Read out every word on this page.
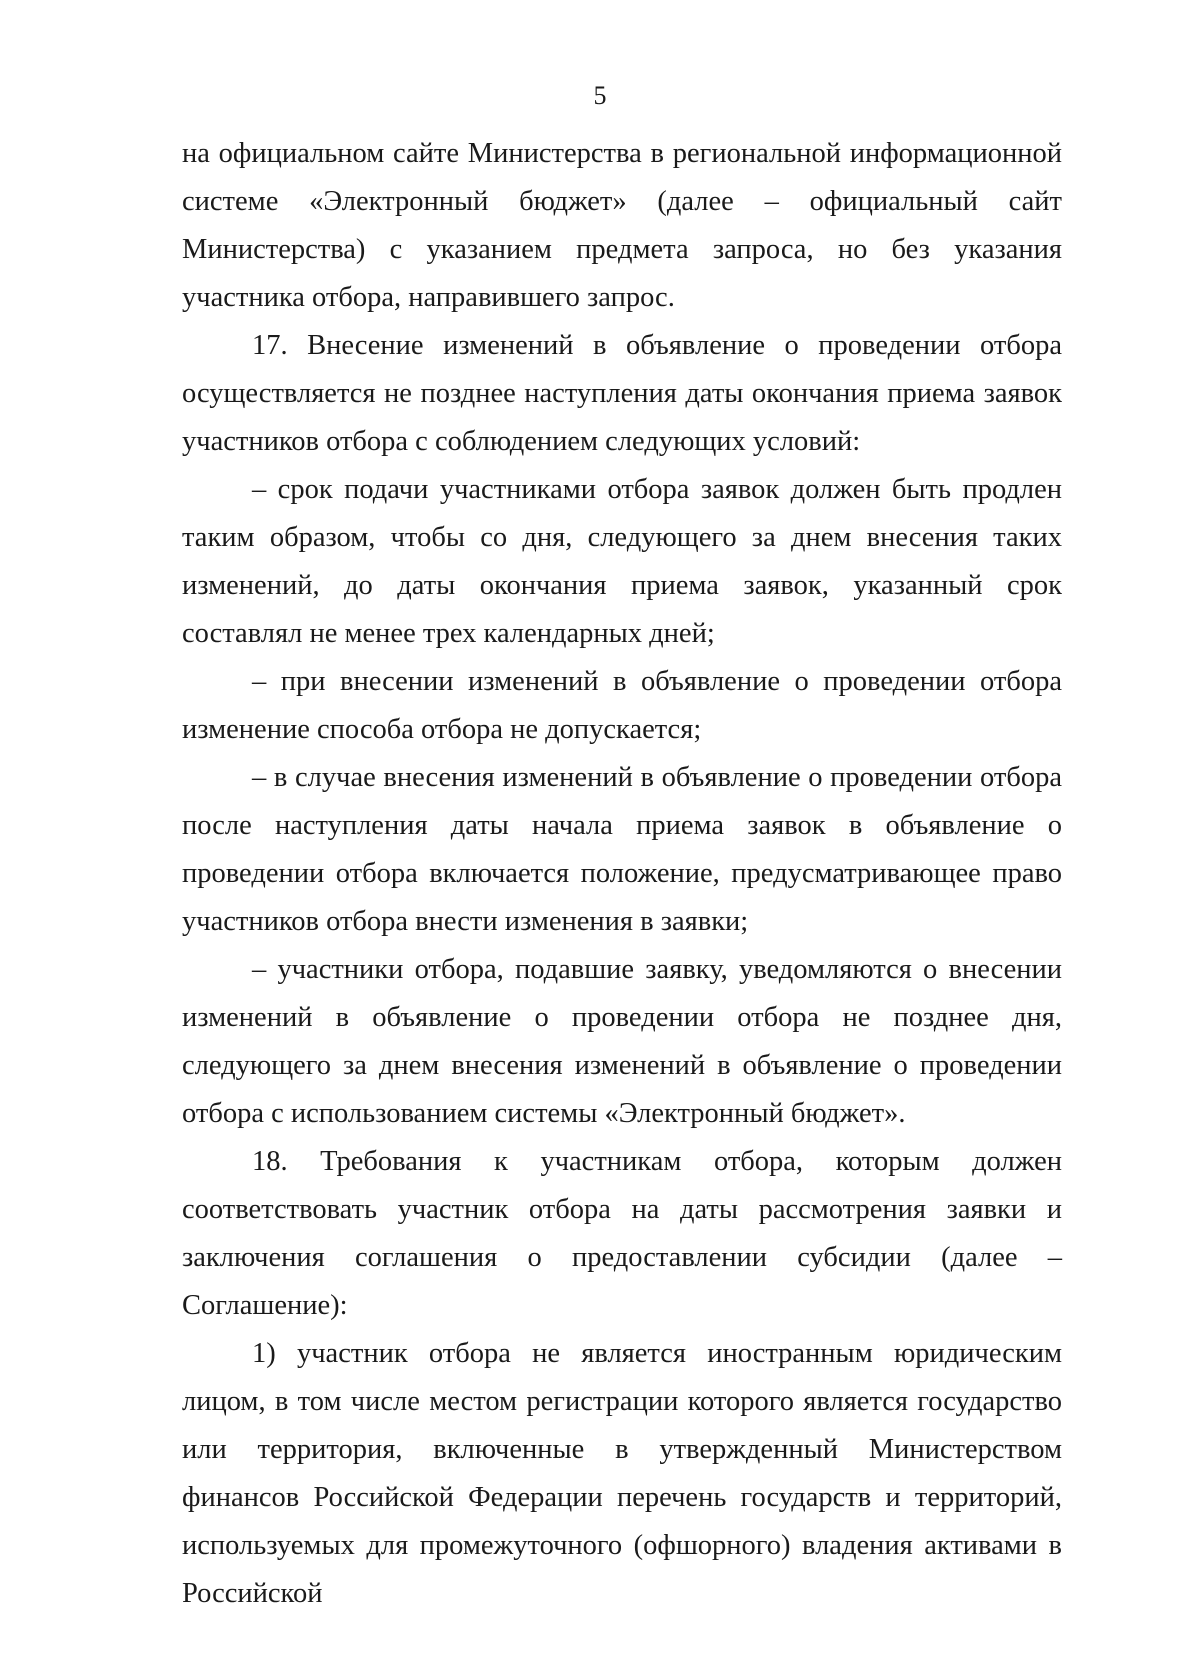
5

на официальном сайте Министерства в региональной информационной системе «Электронный бюджет» (далее – официальный сайт Министерства) с указанием предмета запроса, но без указания участника отбора, направившего запрос.

17. Внесение изменений в объявление о проведении отбора осуществляется не позднее наступления даты окончания приема заявок участников отбора с соблюдением следующих условий:

– срок подачи участниками отбора заявок должен быть продлен таким образом, чтобы со дня, следующего за днем внесения таких изменений, до даты окончания приема заявок, указанный срок составлял не менее трех календарных дней;

– при внесении изменений в объявление о проведении отбора изменение способа отбора не допускается;

– в случае внесения изменений в объявление о проведении отбора после наступления даты начала приема заявок в объявление о проведении отбора включается положение, предусматривающее право участников отбора внести изменения в заявки;

– участники отбора, подавшие заявку, уведомляются о внесении изменений в объявление о проведении отбора не позднее дня, следующего за днем внесения изменений в объявление о проведении отбора с использованием системы «Электронный бюджет».

18. Требования к участникам отбора, которым должен соответствовать участник отбора на даты рассмотрения заявки и заключения соглашения о предоставлении субсидии (далее – Соглашение):

1) участник отбора не является иностранным юридическим лицом, в том числе местом регистрации которого является государство или территория, включенные в утвержденный Министерством финансов Российской Федерации перечень государств и территорий, используемых для промежуточного (офшорного) владения активами в Российской
